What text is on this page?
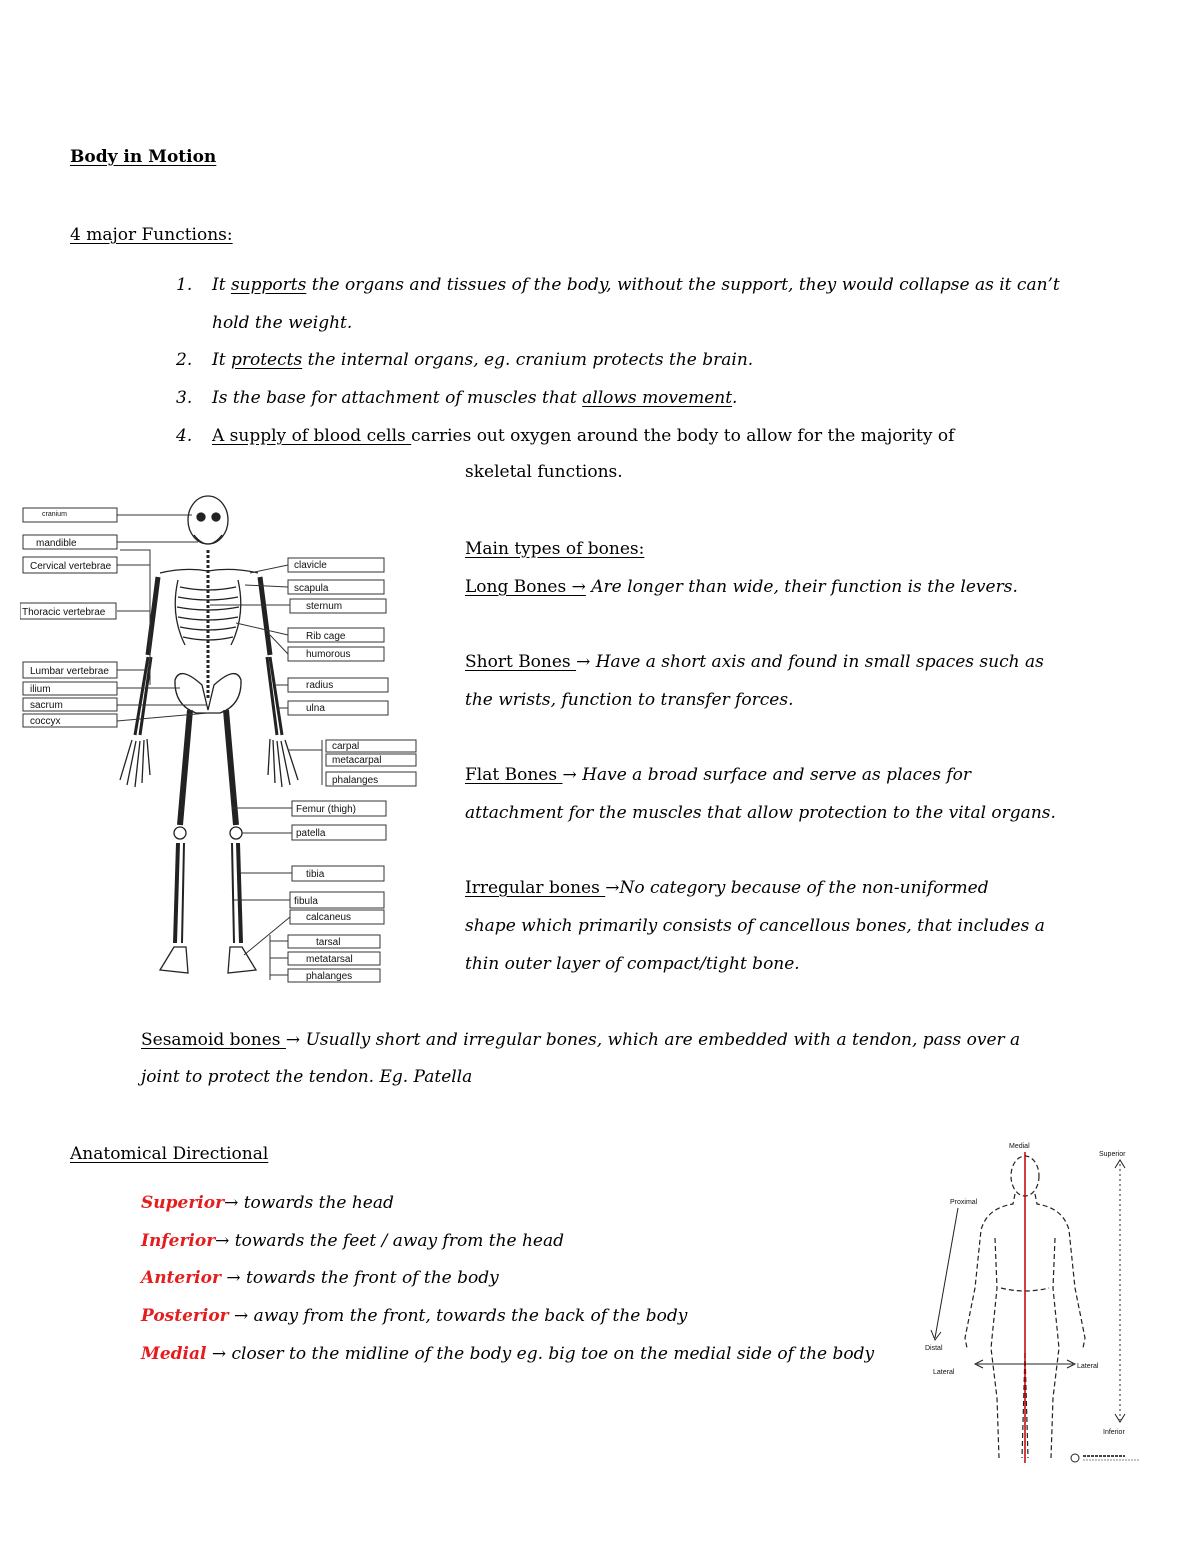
Body in Motion
4 major Functions:
1. It supports the organs and tissues of the body, without the support, they would collapse as it can’t
hold the weight.
2. It protects the internal organs, eg. cranium protects the brain.
3. Is the base for attachment of muscles that allows movement.
4. A supply of blood cells carries out oxygen around the body to allow for the majority of
skeletal functions.
cranium
mandible
Cervical vertebrae
Thoracic vertebrae
Lumbar vertebrae
ilium
sacrum
coccyx
clavicle
scapula
sternum
Rib cage
humorous
radius
ulna
carpal
metacarpal
phalanges
Femur (thigh)
patella
tibia
fibula
calcaneus
tarsal
metatarsal
phalanges
Main types of bones:
Long Bones → Are longer than wide, their function is the levers.
Short Bones → Have a short axis and found in small spaces such as
the wrists, function to transfer forces.
Flat Bones → Have a broad surface and serve as places for
attachment for the muscles that allow protection to the vital organs.
Irregular bones →No category because of the non-uniformed
shape which primarily consists of cancellous bones, that includes a
thin outer layer of compact/tight bone.
Sesamoid bones → Usually short and irregular bones, which are embedded with a tendon, pass over a
joint to protect the tendon. Eg. Patella
Anatomical Directional
Superior→ towards the head
Inferior→ towards the feet / away from the head
Anterior → towards the front of the body
Posterior → away from the front, towards the back of the body
Medial → closer to the midline of the body eg. big toe on the medial side of the body
Medial
Superior
Proximal
Distal
Lateral
Lateral
Inferior
